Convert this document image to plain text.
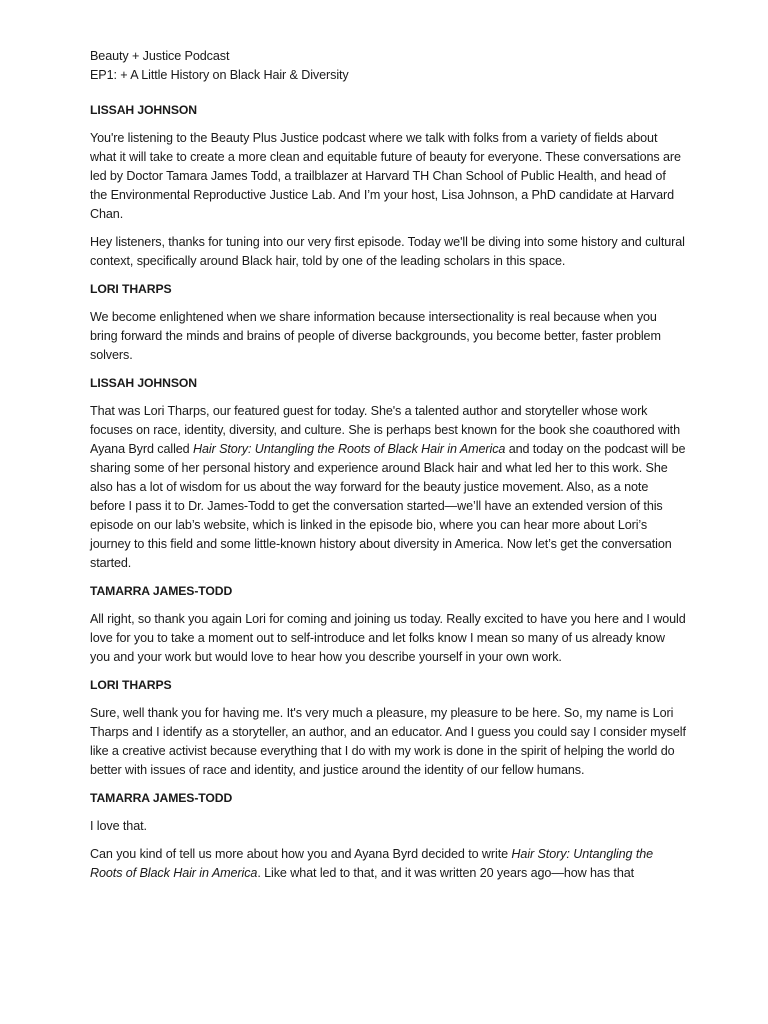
Beauty + Justice Podcast
EP1: + A Little History on Black Hair & Diversity
LISSAH JOHNSON
You're listening to the Beauty Plus Justice podcast where we talk with folks from a variety of fields about what it will take to create a more clean and equitable future of beauty for everyone. These conversations are led by Doctor Tamara James Todd, a trailblazer at Harvard TH Chan School of Public Health, and head of the Environmental Reproductive Justice Lab. And I’m your host, Lisa Johnson, a PhD candidate at Harvard Chan.
Hey listeners, thanks for tuning into our very first episode. Today we'll be diving into some history and cultural context, specifically around Black hair, told by one of the leading scholars in this space.
LORI THARPS
We become enlightened when we share information because intersectionality is real because when you bring forward the minds and brains of people of diverse backgrounds, you become better, faster problem solvers.
LISSAH JOHNSON
That was Lori Tharps, our featured guest for today. She's a talented author and storyteller whose work focuses on race, identity, diversity, and culture. She is perhaps best known for the book she coauthored with Ayana Byrd called Hair Story: Untangling the Roots of Black Hair in America and today on the podcast will be sharing some of her personal history and experience around Black hair and what led her to this work. She also has a lot of wisdom for us about the way forward for the beauty justice movement. Also, as a note before I pass it to Dr. James-Todd to get the conversation started—we’ll have an extended version of this episode on our lab’s website, which is linked in the episode bio, where you can hear more about Lori’s journey to this field and some little-known history about diversity in America. Now let’s get the conversation started.
TAMARRA JAMES-TODD
All right, so thank you again Lori for coming and joining us today. Really excited to have you here and I would love for you to take a moment out to self-introduce and let folks know I mean so many of us already know you and your work but would love to hear how you describe yourself in your own work.
LORI THARPS
Sure, well thank you for having me. It's very much a pleasure, my pleasure to be here. So, my name is Lori Tharps and I identify as a storyteller, an author, and an educator. And I guess you could say I consider myself like a creative activist because everything that I do with my work is done in the spirit of helping the world do better with issues of race and identity, and justice around the identity of our fellow humans.
TAMARRA JAMES-TODD
I love that.
Can you kind of tell us more about how you and Ayana Byrd decided to write Hair Story: Untangling the Roots of Black Hair in America. Like what led to that, and it was written 20 years ago—how has that
